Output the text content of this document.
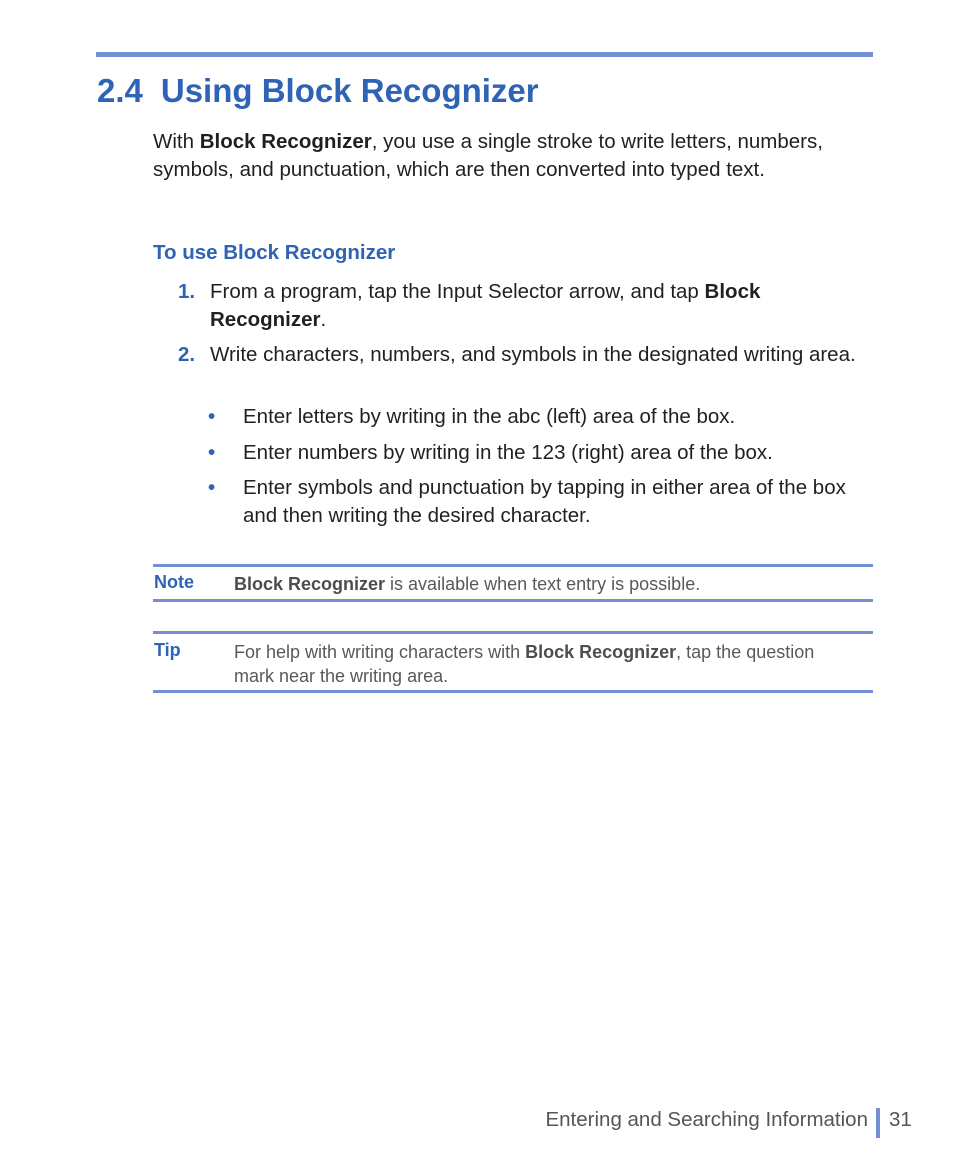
2.4 Using Block Recognizer

With Block Recognizer, you use a single stroke to write letters, numbers, symbols, and punctuation, which are then converted into typed text.

To use Block Recognizer
1. From a program, tap the Input Selector arrow, and tap Block Recognizer.
2. Write characters, numbers, and symbols in the designated writing area.
• Enter letters by writing in the abc (left) area of the box.
• Enter numbers by writing in the 123 (right) area of the box.
• Enter symbols and punctuation by tapping in either area of the box and then writing the desired character.
Note Block Recognizer is available when text entry is possible.
Tip	For help with writing characters with Block Recognizer, tap the question mark near the writing area.
Entering and Searching Information 31
